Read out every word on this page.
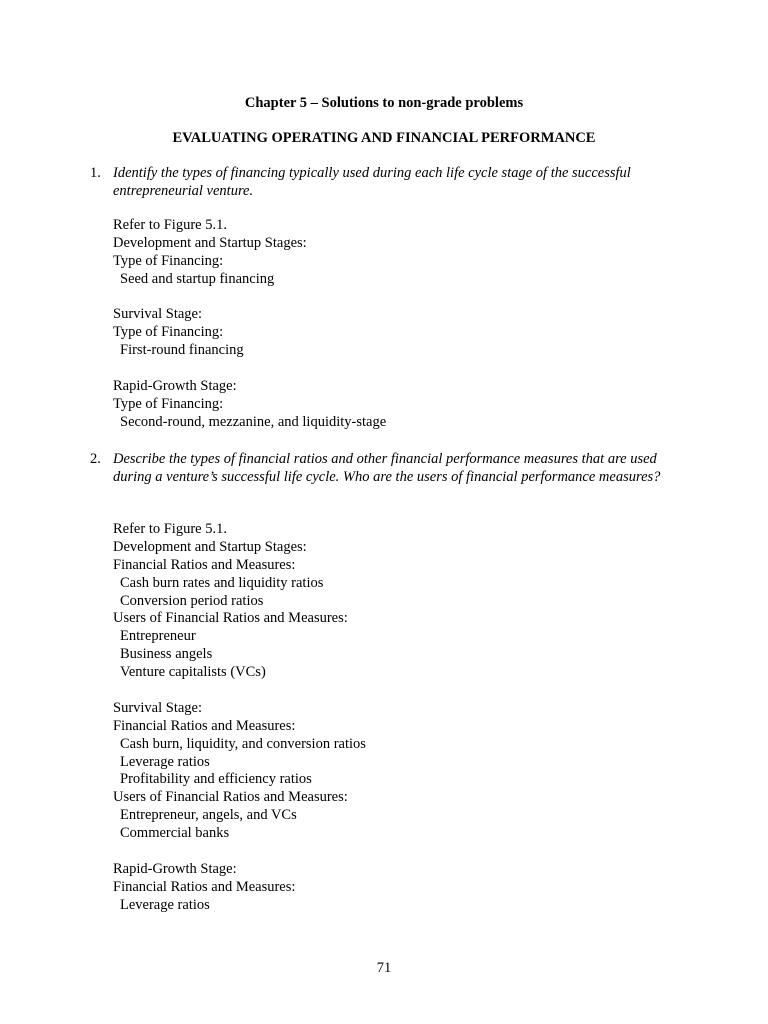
Chapter 5 – Solutions to non-grade problems
EVALUATING OPERATING AND FINANCIAL PERFORMANCE
1. Identify the types of financing typically used during each life cycle stage of the successful entrepreneurial venture.
Refer to Figure 5.1.
Development and Startup Stages:
Type of Financing:
Seed and startup financing
Survival Stage:
Type of Financing:
First-round financing
Rapid-Growth Stage:
Type of Financing:
Second-round, mezzanine, and liquidity-stage
2. Describe the types of financial ratios and other financial performance measures that are used during a venture’s successful life cycle. Who are the users of financial performance measures?
Refer to Figure 5.1.
Development and Startup Stages:
Financial Ratios and Measures:
Cash burn rates and liquidity ratios
Conversion period ratios
Users of Financial Ratios and Measures:
Entrepreneur
Business angels
Venture capitalists (VCs)
Survival Stage:
Financial Ratios and Measures:
Cash burn, liquidity, and conversion ratios
Leverage ratios
Profitability and efficiency ratios
Users of Financial Ratios and Measures:
Entrepreneur, angels, and VCs
Commercial banks
Rapid-Growth Stage:
Financial Ratios and Measures:
Leverage ratios
71
